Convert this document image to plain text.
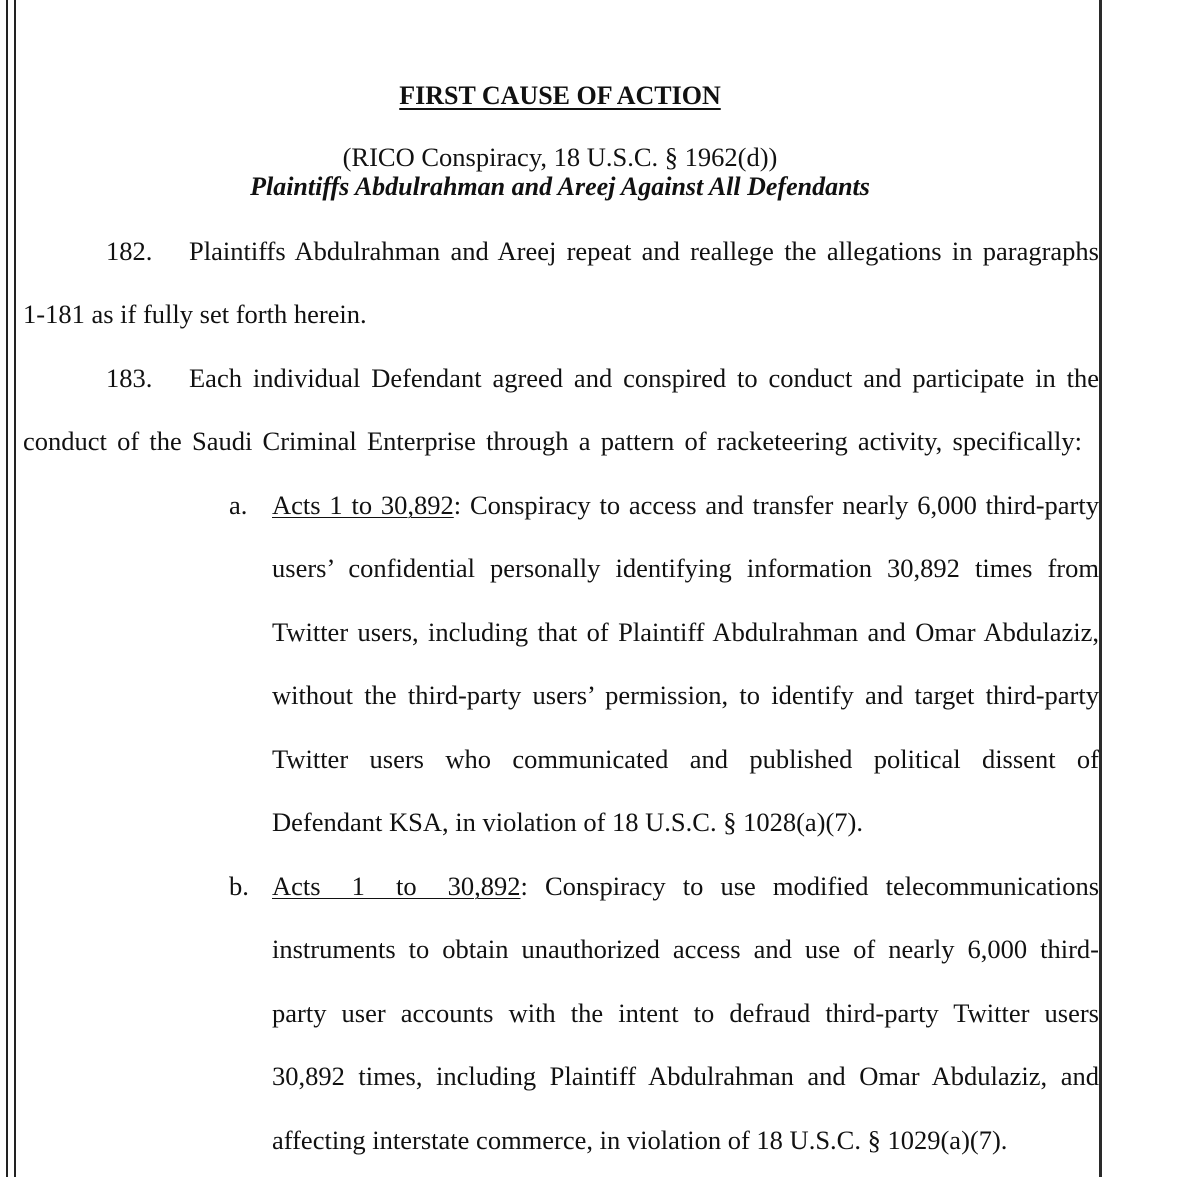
FIRST CAUSE OF ACTION
(RICO Conspiracy, 18 U.S.C. § 1962(d))
Plaintiffs Abdulrahman and Areej Against All Defendants
182. Plaintiffs Abdulrahman and Areej repeat and reallege the allegations in paragraphs
1-181 as if fully set forth herein.
183. Each individual Defendant agreed and conspired to conduct and participate in the
conduct of the Saudi Criminal Enterprise through a pattern of racketeering activity, specifically:
a. Acts 1 to 30,892: Conspiracy to access and transfer nearly 6,000 third-party
users’ confidential personally identifying information 30,892 times from
Twitter users, including that of Plaintiff Abdulrahman and Omar Abdulaziz,
without the third-party users’ permission, to identify and target third-party
Twitter users who communicated and published political dissent of
Defendant KSA, in violation of 18 U.S.C. § 1028(a)(7).
b. Acts 1 to 30,892: Conspiracy to use modified telecommunications
instruments to obtain unauthorized access and use of nearly 6,000 third-
party user accounts with the intent to defraud third-party Twitter users
30,892 times, including Plaintiff Abdulrahman and Omar Abdulaziz, and
affecting interstate commerce, in violation of 18 U.S.C. § 1029(a)(7).
